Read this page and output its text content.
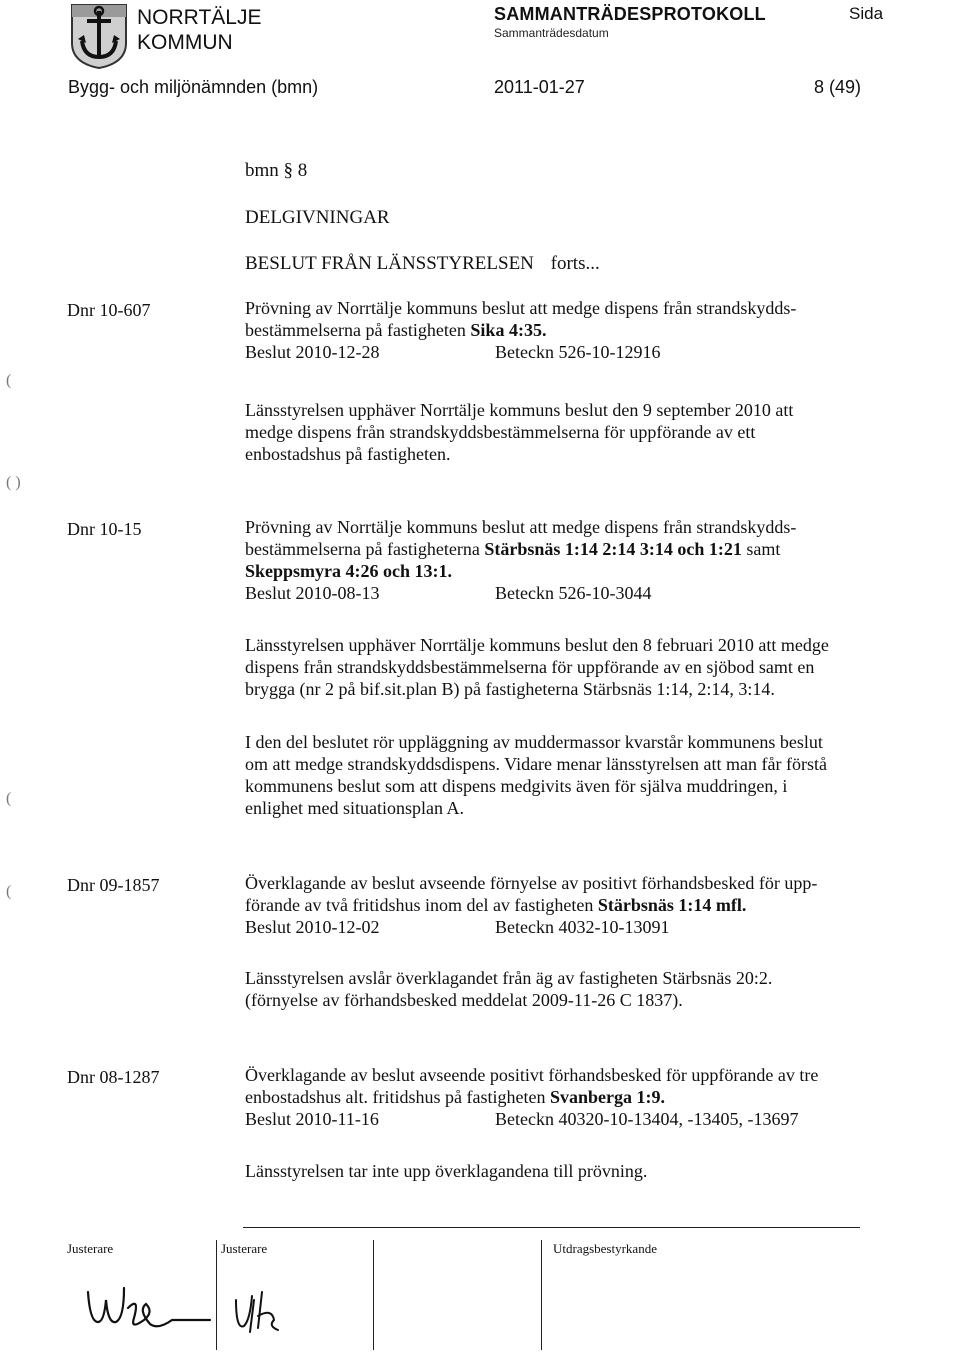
NORRTÄLJE
KOMMUN
SAMMANTRÄDESPROTOKOLL
Sammanträdesdatum
Sida
Bygg- och miljönämnden (bmn)	2011-01-27	8 (49)
bmn § 8
DELGIVNINGAR
BESLUT FRÅN LÄNSSTYRELSEN forts...
Dnr 10-607	Prövning av Norrtälje kommuns beslut att medge dispens från strandskydds-
bestämmelserna på fastigheten Sika 4:35.
Beslut 2010-12-28	Beteckn 526-10-12916
Länsstyrelsen upphäver Norrtälje kommuns beslut den 9 september 2010 att
medge dispens från strandskyddsbestämmelserna för uppförande av ett
enbostadshus på fastigheten.
Dnr 10-15	Prövning av Norrtälje kommuns beslut att medge dispens från strandskydds-
bestämmelserna på fastigheterna Stärbsnäs 1:14 2:14 3:14 och 1:21 samt
Skeppsmyra 4:26 och 13:1.
Beslut 2010-08-13	Beteckn 526-10-3044
Länsstyrelsen upphäver Norrtälje kommuns beslut den 8 februari 2010 att medge
dispens från strandskyddsbestämmelserna för uppförande av en sjöbod samt en
brygga (nr 2 på bif.sit.plan B) på fastigheterna Stärbsnäs 1:14, 2:14, 3:14.
I den del beslutet rör uppläggning av muddermassor kvarstår kommunens beslut
om att medge strandskyddsdispens. Vidare menar länsstyrelsen att man får förstå
kommunens beslut som att dispens medgivits även för själva muddringen, i
enlighet med situationsplan A.
Dnr 09-1857	Överklagande av beslut avseende förnyelse av positivt förhandsbesked för upp-
förande av två fritidshus inom del av fastigheten Stärbsnäs 1:14 mfl.
Beslut 2010-12-02	Beteckn 4032-10-13091
Länsstyrelsen avslår överklagandet från äg av fastigheten Stärbsnäs 20:2.
(förnyelse av förhandsbesked meddelat 2009-11-26 C 1837).
Dnr 08-1287	Överklagande av beslut avseende positivt förhandsbesked för uppförande av tre
enbostadshus alt. fritidshus på fastigheten Svanberga 1:9.
Beslut 2010-11-16	Beteckn 40320-10-13404, -13405, -13697
Länsstyrelsen tar inte upp överklagandena till prövning.
(
( )
(
(
Justerare	Justerare	Utdragsbestyrkande
